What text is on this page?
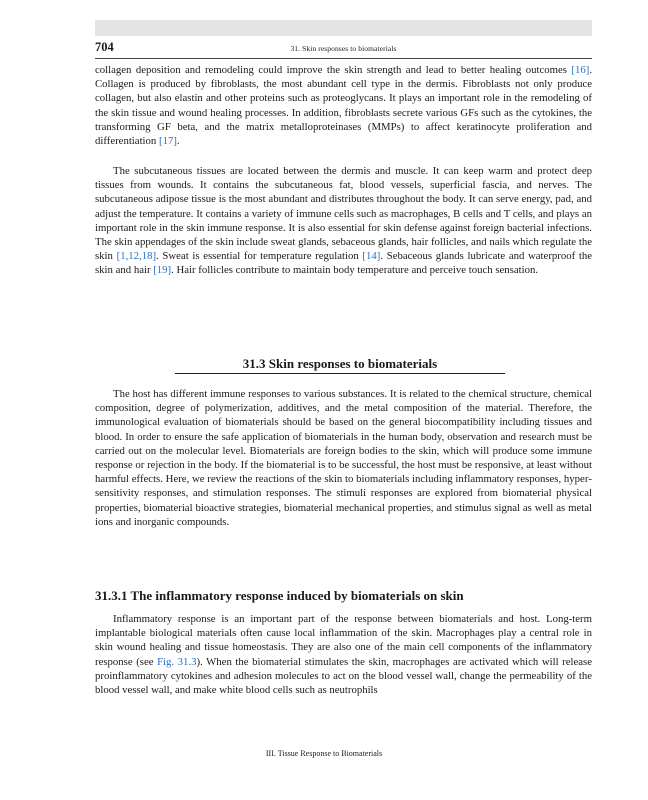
704	31. Skin responses to biomaterials

collagen deposition and remodeling could improve the skin strength and lead to better healing outcomes [16]. Collagen is produced by fibroblasts, the most abundant cell type in the dermis. Fibroblasts not only produce collagen, but also elastin and other proteins such as proteoglycans. It plays an important role in the remodeling of the skin tissue and wound healing processes. In addition, fibroblasts secrete various GFs such as the cytokines, the transforming GF beta, and the matrix metalloproteinases (MMPs) to affect keratinocyte proliferation and differentiation [17].

The subcutaneous tissues are located between the dermis and muscle. It can keep warm and protect deep tissues from wounds. It contains the subcutaneous fat, blood vessels, superficial fascia, and nerves. The subcutaneous adipose tissue is the most abundant and distributes throughout the body. It can serve energy, pad, and adjust the temperature. It contains a variety of immune cells such as macrophages, B cells and T cells, and plays an important role in the skin immune response. It is also essential for skin defense against foreign bacterial infections. The skin appendages of the skin include sweat glands, sebaceous glands, hair follicles, and nails which regulate the skin [1,12,18]. Sweat is essential for temperature regulation [14]. Sebaceous glands lubricate and waterproof the skin and hair [19]. Hair follicles contribute to maintain body temperature and perceive touch sensation.

31.3 Skin responses to biomaterials

The host has different immune responses to various substances. It is related to the chemical structure, chemical composition, degree of polymerization, additives, and the metal composition of the material. Therefore, the immunological evaluation of biomaterials should be based on the general biocompatibility including tissues and blood. In order to ensure the safe application of biomaterials in the human body, observation and research must be carried out on the molecular level. Biomaterials are foreign bodies to the skin, which will produce some immune response or rejection in the body. If the biomaterial is to be successful, the host must be responsive, at least without harmful effects. Here, we review the reactions of the skin to biomaterials including inflammatory responses, hypersensitivity responses, and stimulation responses. The stimuli responses are explored from biomaterial physical properties, biomaterial bioactive strategies, biomaterial mechanical properties, and stimulus signal as well as metal ions and inorganic compounds.

31.3.1 The inflammatory response induced by biomaterials on skin

Inflammatory response is an important part of the response between biomaterials and host. Long-term implantable biological materials often cause local inflammation of the skin. Macrophages play a central role in skin wound healing and tissue homeostasis. They are also one of the main cell components of the inflammatory response (see Fig. 31.3). When the biomaterial stimulates the skin, macrophages are activated which will release proinflammatory cytokines and adhesion molecules to act on the blood vessel wall, change the permeability of the blood vessel wall, and make white blood cells such as neutrophils

III. Tissue Response to Biomaterials
